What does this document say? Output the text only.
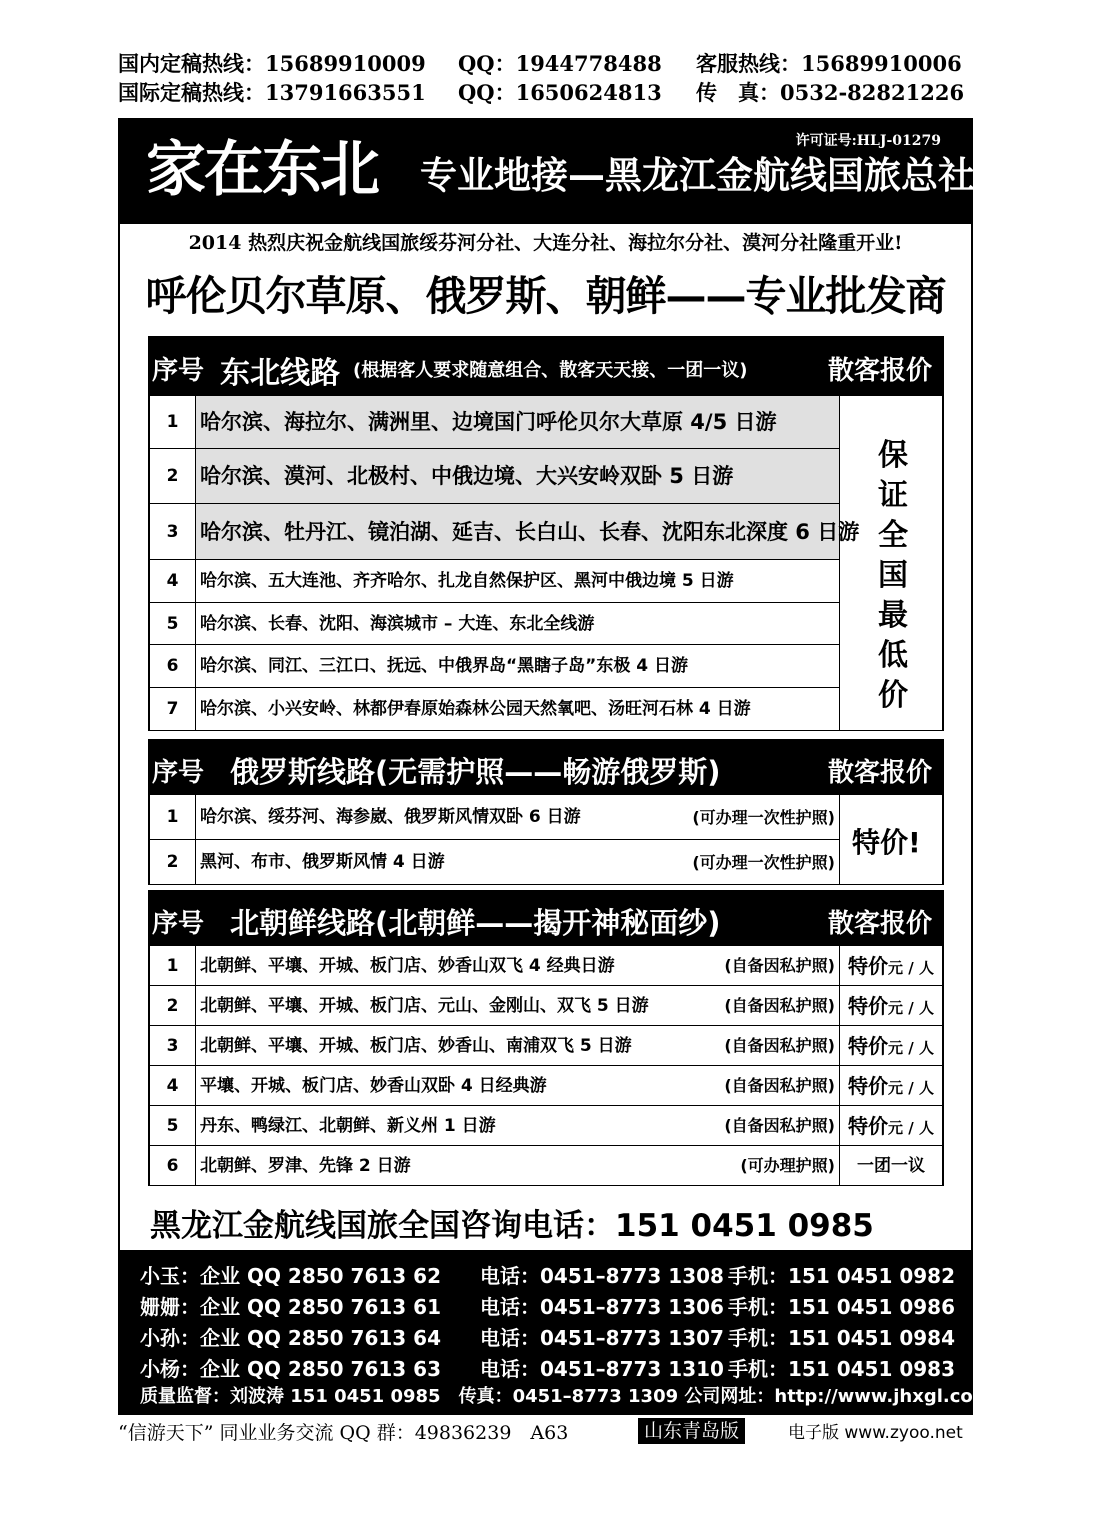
国内定稿热线：15689910009 QQ：1944778488 客服热线：15689910006
国际定稿热线：13791663551 QQ：1650624813 传　真：0532-82821226
家在东北 专业地接—黑龙江金航线国旅总社
许可证号:HLJ-01279
2014 热烈庆祝金航线国旅绥芬河分社、大连分社、海拉尔分社、漠河分社隆重开业!
呼伦贝尔草原、俄罗斯、朝鲜——专业批发商
序号 东北线路 (根据客人要求随意组合、散客天天接、一团一议)	散客报价
1	哈尔滨、海拉尔、满洲里、边境国门呼伦贝尔大草原 4/5 日游
2	哈尔滨、漠河、北极村、中俄边境、大兴安岭双卧 5 日游
3	哈尔滨、牡丹江、镜泊湖、延吉、长白山、长春、沈阳东北深度 6 日游
4	哈尔滨、五大连池、齐齐哈尔、扎龙自然保护区、黑河中俄边境 5 日游
5	哈尔滨、长春、沈阳、海滨城市 – 大连、东北全线游
6	哈尔滨、同江、三江口、抚远、中俄界岛“黑瞎子岛”东极 4 日游
7	哈尔滨、小兴安岭、林都伊春原始森林公园天然氧吧、汤旺河石林 4 日游
保证全国最低价
序号 俄罗斯线路(无需护照——畅游俄罗斯)	散客报价
1	哈尔滨、绥芬河、海参崴、俄罗斯风情双卧 6 日游	(可办理一次性护照)
2	黑河、布市、俄罗斯风情 4 日游	(可办理一次性护照)
特价!
序号 北朝鲜线路(北朝鲜——揭开神秘面纱)	散客报价
1	北朝鲜、平壤、开城、板门店、妙香山双飞 4 经典日游	(自备因私护照) 特价元 / 人
2	北朝鲜、平壤、开城、板门店、元山、金刚山、双飞 5 日游	(自备因私护照) 特价元 / 人
3	北朝鲜、平壤、开城、板门店、妙香山、南浦双飞 5 日游	(自备因私护照) 特价元 / 人
4	平壤、开城、板门店、妙香山双卧 4 日经典游	(自备因私护照) 特价元 / 人
5	丹东、鸭绿江、北朝鲜、新义州 1 日游	(自备因私护照) 特价元 / 人
6	北朝鲜、罗津、先锋 2 日游	(可办理护照)	一团一议
黑龙江金航线国旅全国咨询电话：151 0451 0985
小玉：企业 QQ 2850 7613 62 电话：0451–8773 1308 手机：151 0451 0982
姗姗：企业 QQ 2850 7613 61 电话：0451–8773 1306 手机：151 0451 0986
小孙：企业 QQ 2850 7613 64 电话：0451–8773 1307 手机：151 0451 0984
小杨：企业 QQ 2850 7613 63 电话：0451–8773 1310 手机：151 0451 0983
质量监督：刘波涛 151 0451 0985　传真：0451–8773 1309 公司网址：http://www.jhxgl.com
“信游天下” 同业业务交流 QQ 群：49836239　A63	山东青岛版	电子版 www.zyoo.net
